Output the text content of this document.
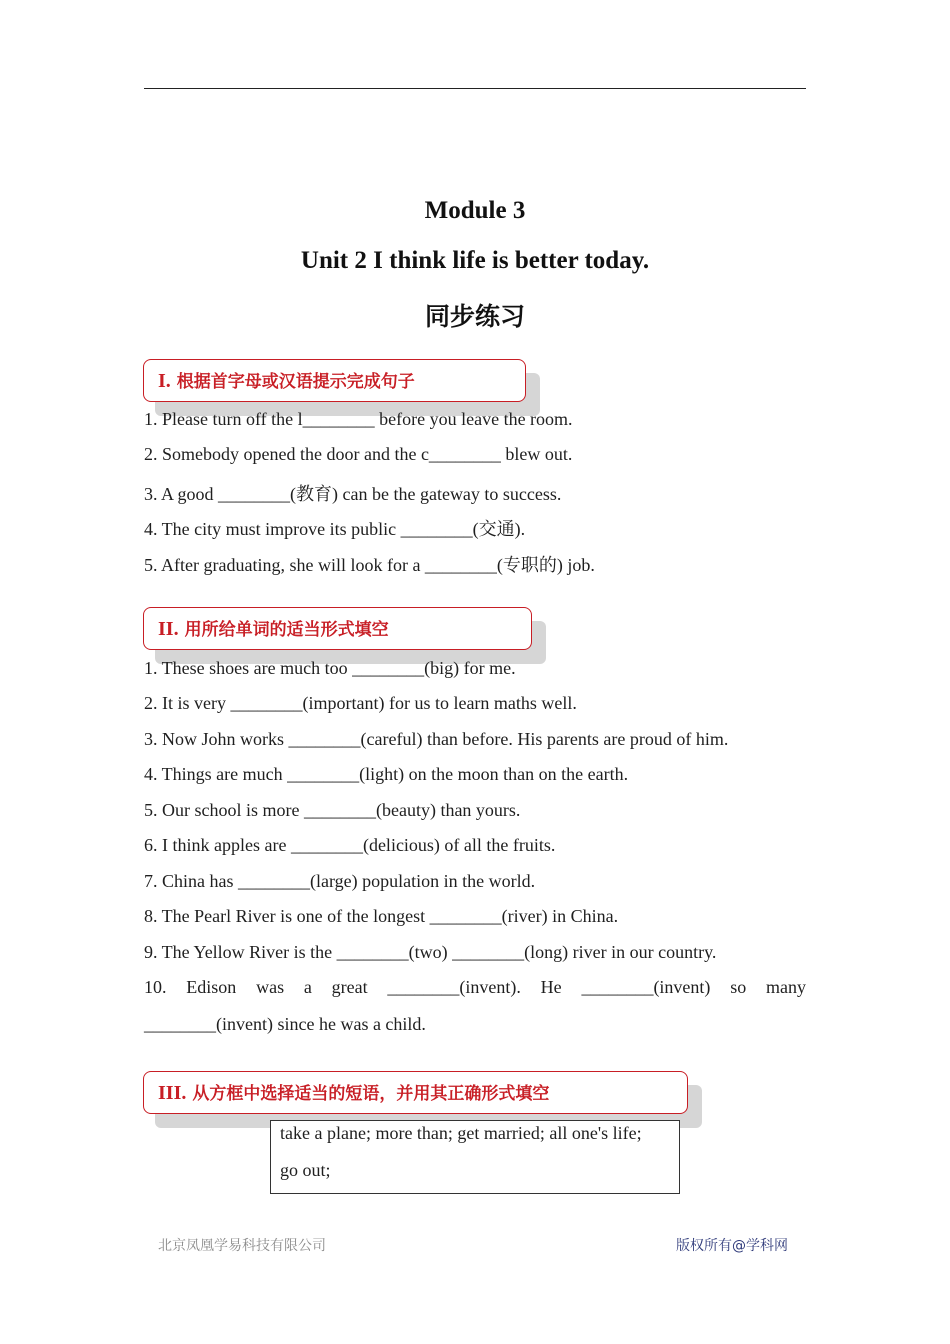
Module 3
Unit 2 I think life is better today.
同步练习
I. 根据首字母或汉语提示完成句子
1. Please turn off the l________ before you leave the room.
2. Somebody opened the door and the c________ blew out.
3. A good ________(教育) can be the gateway to success.
4. The city must improve its public ________(交通).
5. After graduating, she will look for a ________(专职的) job.
II. 用所给单词的适当形式填空
1. These shoes are much too ________(big) for me.
2. It is very ________(important) for us to learn maths well.
3. Now John works ________(careful) than before. His parents are proud of him.
4. Things are much ________(light) on the moon than on the earth.
5. Our school is more ________(beauty) than yours.
6. I think apples are ________(delicious) of all the fruits.
7. China has ________(large) population in the world.
8. The Pearl River is one of the longest ________(river) in China.
9. The Yellow River is the ________(two) ________(long) river in our country.
10. Edison was a great ________(invent). He ________(invent) so many
________(invent) since he was a child.
III. 从方框中选择适当的短语，并用其正确形式填空
take a plane; more than; get married; all one's life;
go out;
北京凤凰学易科技有限公司	版权所有@学科网
